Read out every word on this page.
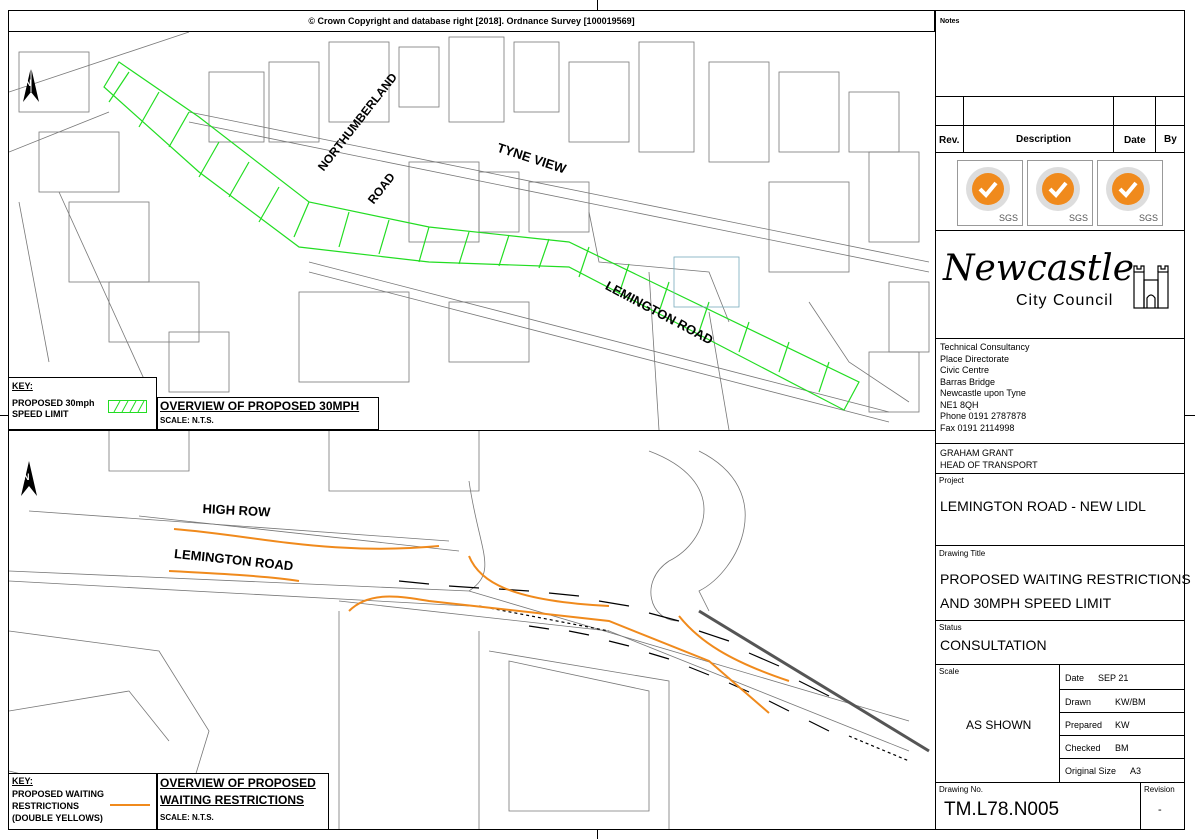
© Crown Copyright and database right [2018]. Ordnance Survey [100019569]
N	NORTHUMBERLAND
ROAD
TYNE VIEW
LEMINGTON ROAD
KEY:
PROPOSED 30mph
SPEED LIMIT
OVERVIEW OF PROPOSED 30MPH
SCALE: N.T.S.
N
HIGH ROW
LEMINGTON ROAD
KEY:
PROPOSED WAITING
RESTRICTIONS
(DOUBLE YELLOWS)
OVERVIEW OF PROPOSED
WAITING RESTRICTIONS
SCALE: N.T.S.
Notes
Rev.	Description	Date By
SGS	SGS	SGS
Newcastle
City Council
Technical Consultancy
Place Directorate
Civic Centre
Barras Bridge
Newcastle upon Tyne
NE1 8QH
Phone 0191 2787878
Fax 0191 2114998
GRAHAM GRANT
HEAD OF TRANSPORT
Project
LEMINGTON ROAD - NEW LIDL
Drawing Title
PROPOSED WAITING RESTRICTIONS
AND 30MPH SPEED LIMIT
Status
CONSULTATION
Scale
AS SHOWN
Date SEP 21
Drawn	KW/BM
Prepared KW
Checked BM
Original Size A3
Drawing No.
TM.L78.N005
Revision
-
